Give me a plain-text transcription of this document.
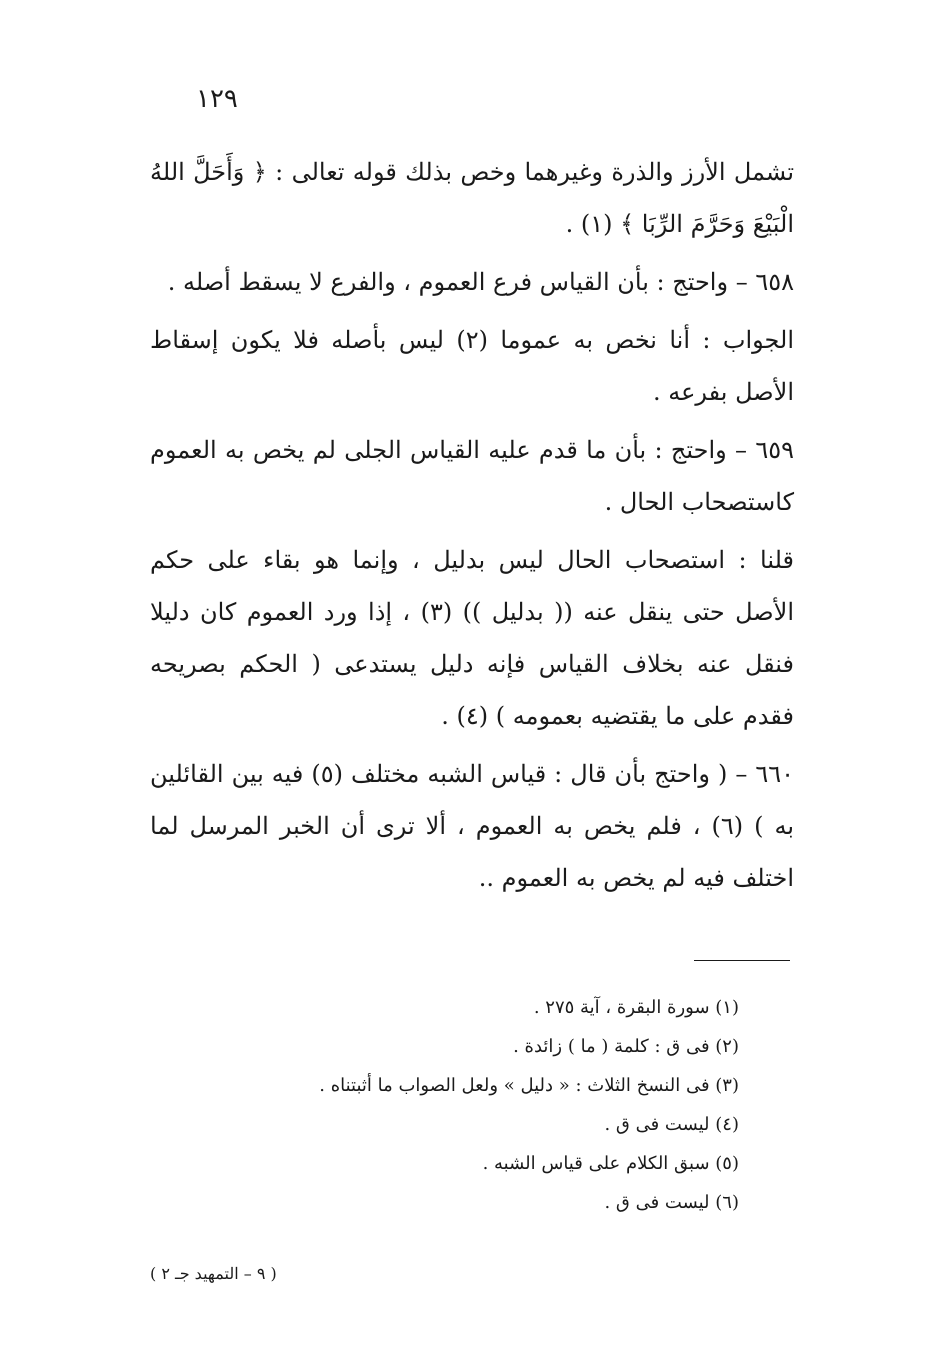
١٢٩

تشمل الأرز والذرة وغيرهما وخص بذلك قوله تعالى : ﴿ وَأَحَلَّ اللهُ الْبَيْعَ وَحَرَّمَ الرِّبَا ﴾ (١) .

٦٥٨ – واحتج : بأن القياس فرع العموم ، والفرع لا يسقط أصله .

الجواب : أنا نخص به عموما (٢) ليس بأصله فلا يكون إسقاط الأصل بفرعه .

٦٥٩ – واحتج : بأن ما قدم عليه القياس الجلى لم يخص به العموم كاستصحاب الحال .

قلنا : استصحاب الحال ليس بدليل ، وإنما هو بقاء على حكم الأصل حتى ينقل عنه (( بدليل )) (٣) ، إذا ورد العموم كان دليلا فنقل عنه بخلاف القياس فإنه دليل يستدعى ( الحكم بصريحه فقدم على ما يقتضيه بعمومه ) (٤) .

٦٦٠ – ( واحتج بأن قال : قياس الشبه مختلف (٥) فيه بين القائلين به ) (٦) ، فلم يخص به العموم ، ألا ترى أن الخبر المرسل لما اختلف فيه لم يخص به العموم ..

(١) سورة البقرة ، آية ٢٧٥ .

(٢) فى ق : كلمة ( ما ) زائدة .

(٣) فى النسخ الثلاث : « دليل » ولعل الصواب ما أثبتناه .

(٤) ليست فى ق .

(٥) سبق الكلام على قياس الشبه .

(٦) ليست فى ق .

( ٩ – التمهيد جـ ٢ )
